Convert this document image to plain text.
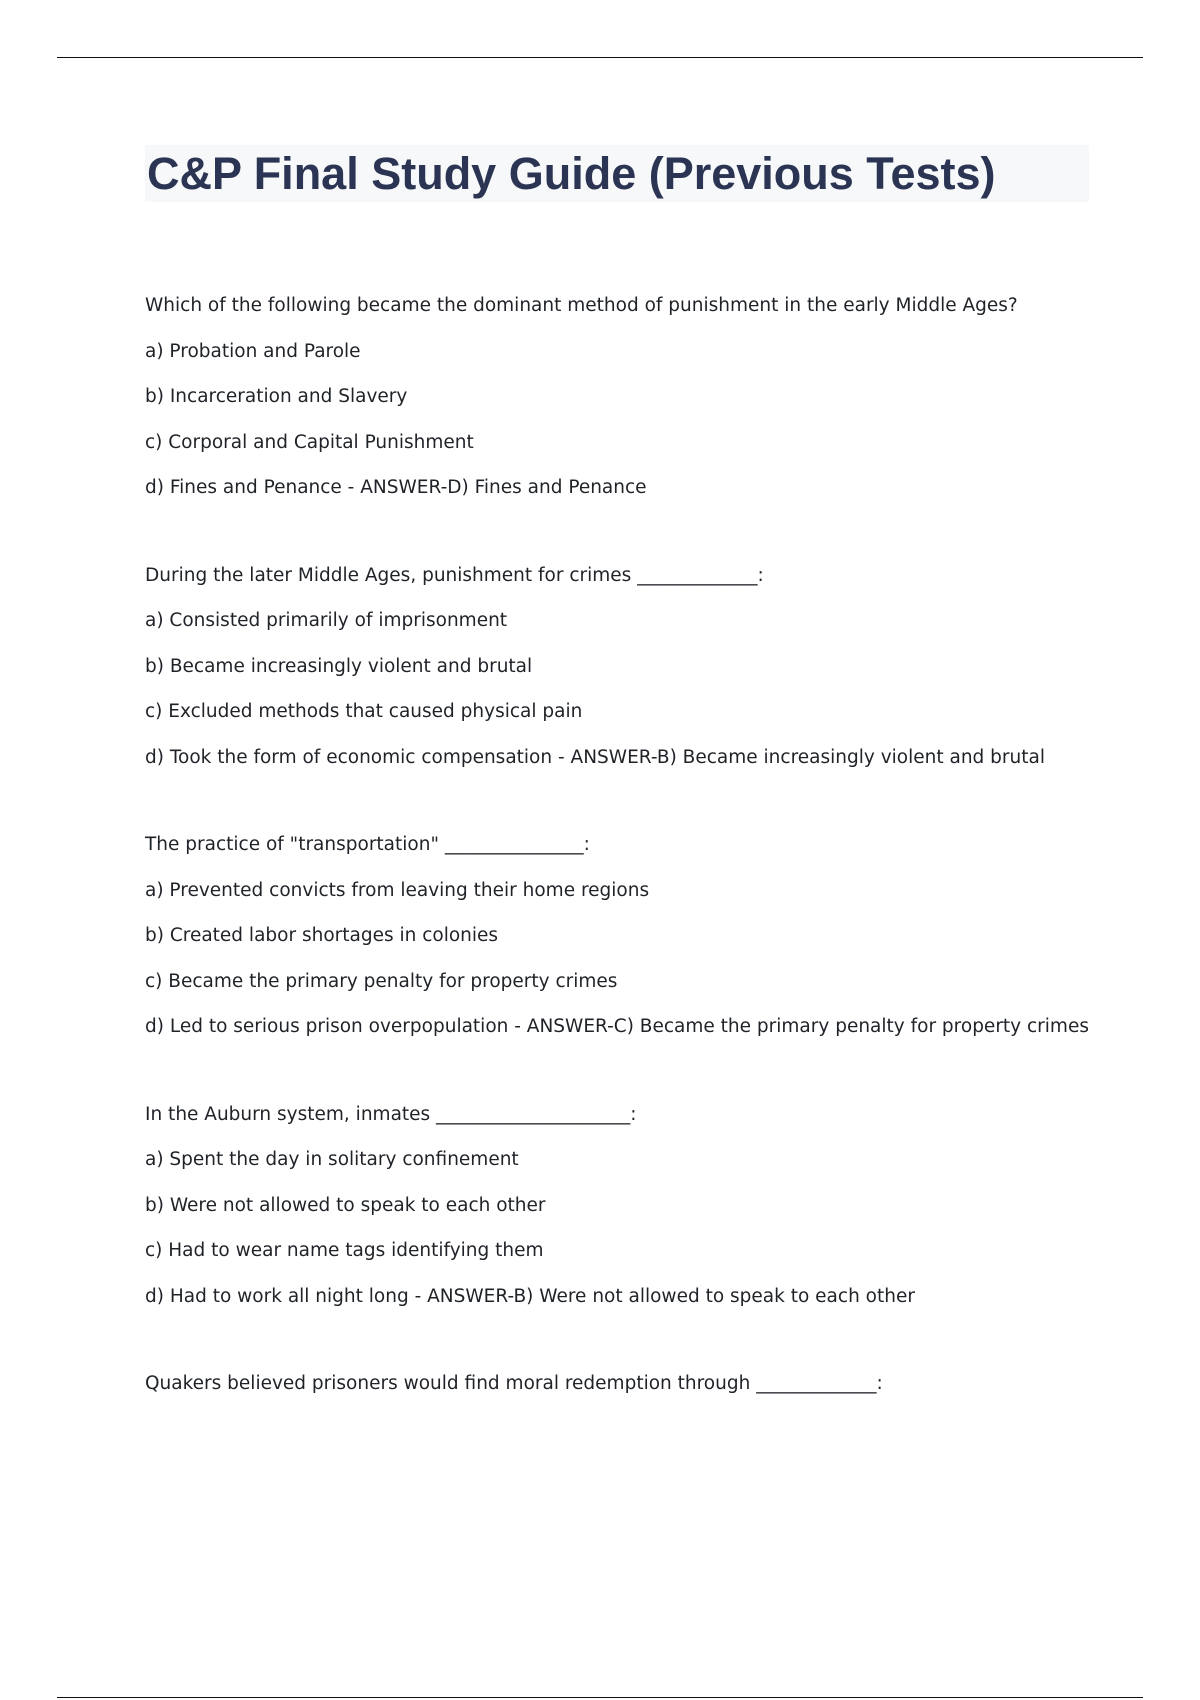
C&P Final Study Guide (Previous Tests)
Which of the following became the dominant method of punishment in the early Middle Ages?
a) Probation and Parole
b) Incarceration and Slavery
c) Corporal and Capital Punishment
d) Fines and Penance - ANSWER-D) Fines and Penance
During the later Middle Ages, punishment for crimes _____________:
a) Consisted primarily of imprisonment
b) Became increasingly violent and brutal
c) Excluded methods that caused physical pain
d) Took the form of economic compensation - ANSWER-B) Became increasingly violent and brutal
The practice of "transportation" _______________:
a) Prevented convicts from leaving their home regions
b) Created labor shortages in colonies
c) Became the primary penalty for property crimes
d) Led to serious prison overpopulation - ANSWER-C) Became the primary penalty for property crimes
In the Auburn system, inmates _____________________:
a) Spent the day in solitary confinement
b) Were not allowed to speak to each other
c) Had to wear name tags identifying them
d) Had to work all night long - ANSWER-B) Were not allowed to speak to each other
Quakers believed prisoners would find moral redemption through _____________:
